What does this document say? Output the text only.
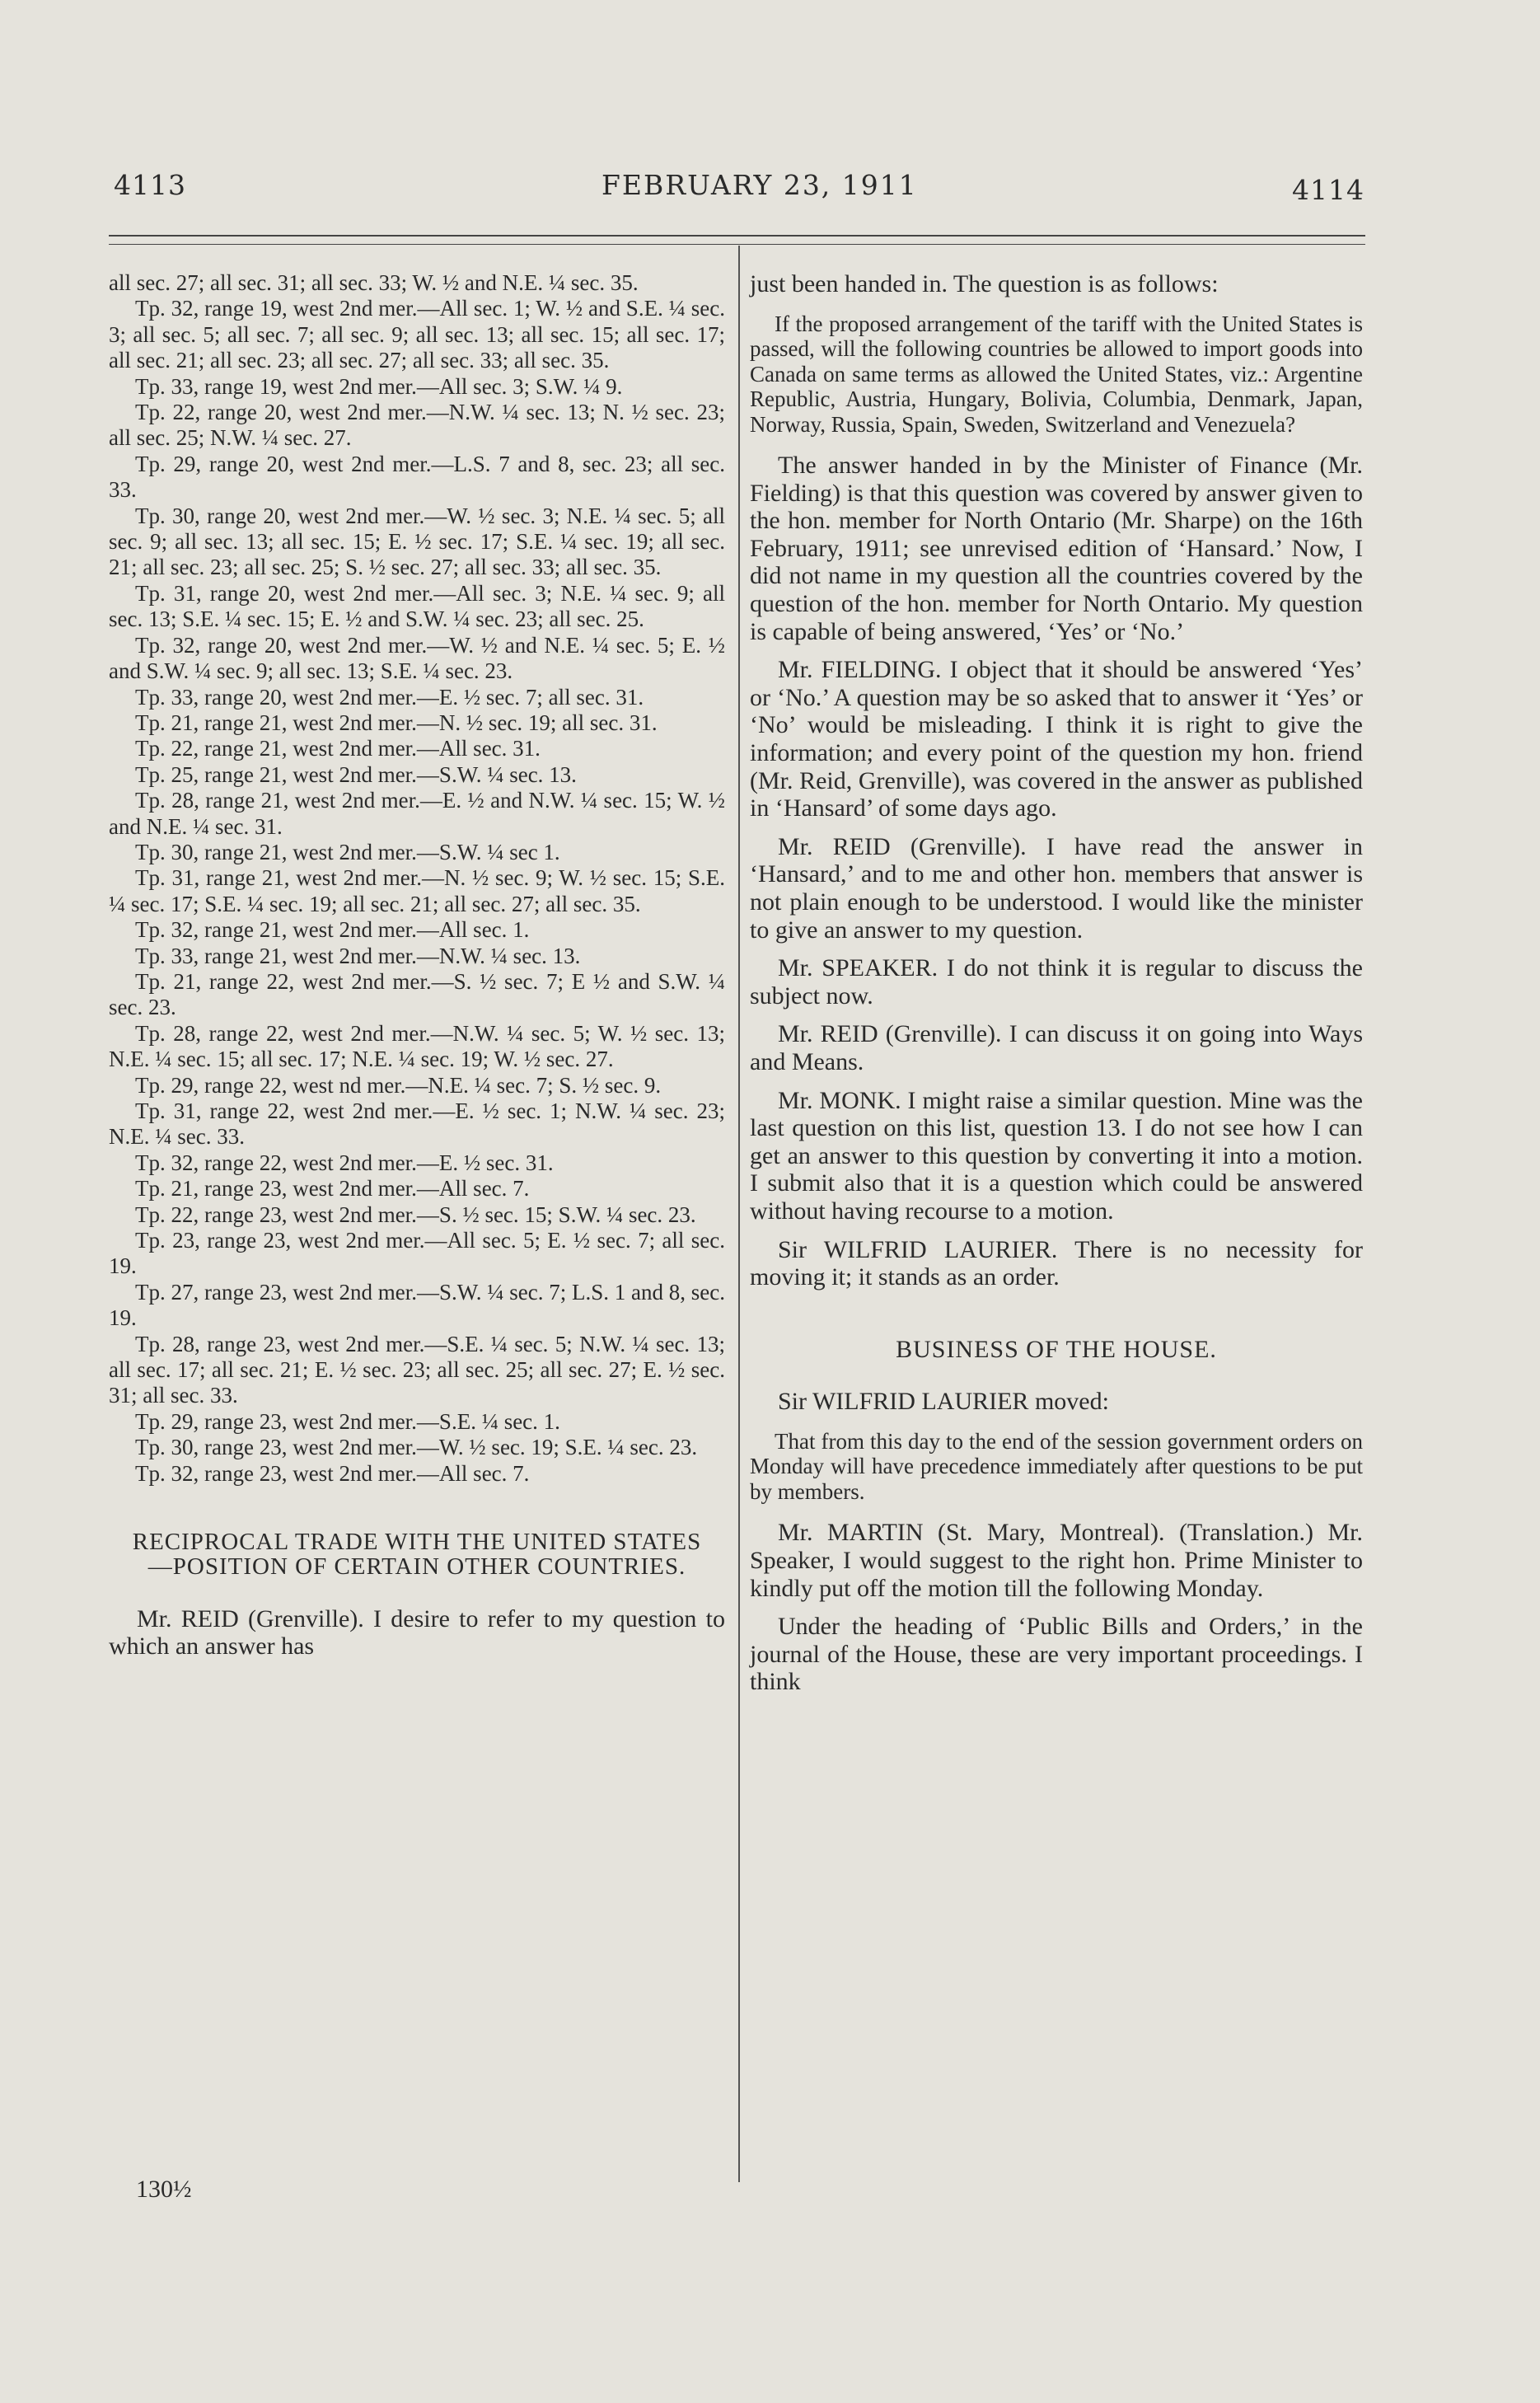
4113	FEBRUARY 23, 1911	4114

all sec. 27; all sec. 31; all sec. 33; W. ½ and N.E. ¼ sec. 35.

Tp. 32, range 19, west 2nd mer.—All sec. 1; W. ½ and S.E. ¼ sec. 3; all sec. 5; all sec. 7; all sec. 9; all sec. 13; all sec. 15; all sec. 17; all sec. 21; all sec. 23; all sec. 27; all sec. 33; all sec. 35.

Tp. 33, range 19, west 2nd mer.—All sec. 3; S.W. ¼ 9.

Tp. 22, range 20, west 2nd mer.—N.W. ¼ sec. 13; N. ½ sec. 23; all sec. 25; N.W. ¼ sec. 27.

Tp. 29, range 20, west 2nd mer.—L.S. 7 and 8, sec. 23; all sec. 33.

Tp. 30, range 20, west 2nd mer.—W. ½ sec. 3; N.E. ¼ sec. 5; all sec. 9; all sec. 13; all sec. 15; E. ½ sec. 17; S.E. ¼ sec. 19; all sec. 21; all sec. 23; all sec. 25; S. ½ sec. 27; all sec. 33; all sec. 35.

Tp. 31, range 20, west 2nd mer.—All sec. 3; N.E. ¼ sec. 9; all sec. 13; S.E. ¼ sec. 15; E. ½ and S.W. ¼ sec. 23; all sec. 25.

Tp. 32, range 20, west 2nd mer.—W. ½ and N.E. ¼ sec. 5; E. ½ and S.W. ¼ sec. 9; all sec. 13; S.E. ¼ sec. 23.

Tp. 33, range 20, west 2nd mer.—E. ½ sec. 7; all sec. 31.

Tp. 21, range 21, west 2nd mer.—N. ½ sec. 19; all sec. 31.

Tp. 22, range 21, west 2nd mer.—All sec. 31.

Tp. 25, range 21, west 2nd mer.—S.W. ¼ sec. 13.

Tp. 28, range 21, west 2nd mer.—E. ½ and N.W. ¼ sec. 15; W. ½ and N.E. ¼ sec. 31.

Tp. 30, range 21, west 2nd mer.—S.W. ¼ sec 1.

Tp. 31, range 21, west 2nd mer.—N. ½ sec. 9; W. ½ sec. 15; S.E. ¼ sec. 17; S.E. ¼ sec. 19; all sec. 21; all sec. 27; all sec. 35.

Tp. 32, range 21, west 2nd mer.—All sec. 1.

Tp. 33, range 21, west 2nd mer.—N.W. ¼ sec. 13.

Tp. 21, range 22, west 2nd mer.—S. ½ sec. 7; E ½ and S.W. ¼ sec. 23.

Tp. 28, range 22, west 2nd mer.—N.W. ¼ sec. 5; W. ½ sec. 13; N.E. ¼ sec. 15; all sec. 17; N.E. ¼ sec. 19; W. ½ sec. 27.

Tp. 29, range 22, west nd mer.—N.E. ¼ sec. 7; S. ½ sec. 9.

Tp. 31, range 22, west 2nd mer.—E. ½ sec. 1; N.W. ¼ sec. 23; N.E. ¼ sec. 33.

Tp. 32, range 22, west 2nd mer.—E. ½ sec. 31.

Tp. 21, range 23, west 2nd mer.—All sec. 7.

Tp. 22, range 23, west 2nd mer.—S. ½ sec. 15; S.W. ¼ sec. 23.

Tp. 23, range 23, west 2nd mer.—All sec. 5; E. ½ sec. 7; all sec. 19.

Tp. 27, range 23, west 2nd mer.—S.W. ¼ sec. 7; L.S. 1 and 8, sec. 19.

Tp. 28, range 23, west 2nd mer.—S.E. ¼ sec. 5; N.W. ¼ sec. 13; all sec. 17; all sec. 21; E. ½ sec. 23; all sec. 25; all sec. 27; E. ½ sec. 31; all sec. 33.

Tp. 29, range 23, west 2nd mer.—S.E. ¼ sec. 1.

Tp. 30, range 23, west 2nd mer.—W. ½ sec. 19; S.E. ¼ sec. 23.

Tp. 32, range 23, west 2nd mer.—All sec. 7.

RECIPROCAL TRADE WITH THE UNITED STATES—POSITION OF CERTAIN OTHER COUNTRIES.

Mr. REID (Grenville). I desire to refer to my question to which an answer has

130½

just been handed in. The question is as follows:

If the proposed arrangement of the tariff with the United States is passed, will the following countries be allowed to import goods into Canada on same terms as allowed the United States, viz.: Argentine Republic, Austria, Hungary, Bolivia, Columbia, Denmark, Japan, Norway, Russia, Spain, Sweden, Switzerland and Venezuela?

The answer handed in by the Minister of Finance (Mr. Fielding) is that this question was covered by answer given to the hon. member for North Ontario (Mr. Sharpe) on the 16th February, 1911; see unrevised edition of ‘Hansard.’ Now, I did not name in my question all the countries covered by the question of the hon. member for North Ontario. My question is capable of being answered, ‘Yes’ or ‘No.’

Mr. FIELDING. I object that it should be answered ‘Yes’ or ‘No.’ A question may be so asked that to answer it ‘Yes’ or ‘No’ would be misleading. I think it is right to give the information; and every point of the question my hon. friend (Mr. Reid, Grenville), was covered in the answer as published in ‘Hansard’ of some days ago.

Mr. REID (Grenville). I have read the answer in ‘Hansard,’ and to me and other hon. members that answer is not plain enough to be understood. I would like the minister to give an answer to my question.

Mr. SPEAKER. I do not think it is regular to discuss the subject now.

Mr. REID (Grenville). I can discuss it on going into Ways and Means.

Mr. MONK. I might raise a similar question. Mine was the last question on this list, question 13. I do not see how I can get an answer to this question by converting it into a motion. I submit also that it is a question which could be answered without having recourse to a motion.

Sir WILFRID LAURIER. There is no necessity for moving it; it stands as an order.

BUSINESS OF THE HOUSE.

Sir WILFRID LAURIER moved:

That from this day to the end of the session government orders on Monday will have precedence immediately after questions to be put by members.

Mr. MARTIN (St. Mary, Montreal). (Translation.) Mr. Speaker, I would suggest to the right hon. Prime Minister to kindly put off the motion till the following Monday.

Under the heading of ‘Public Bills and Orders,’ in the journal of the House, these are very important proceedings. I think
